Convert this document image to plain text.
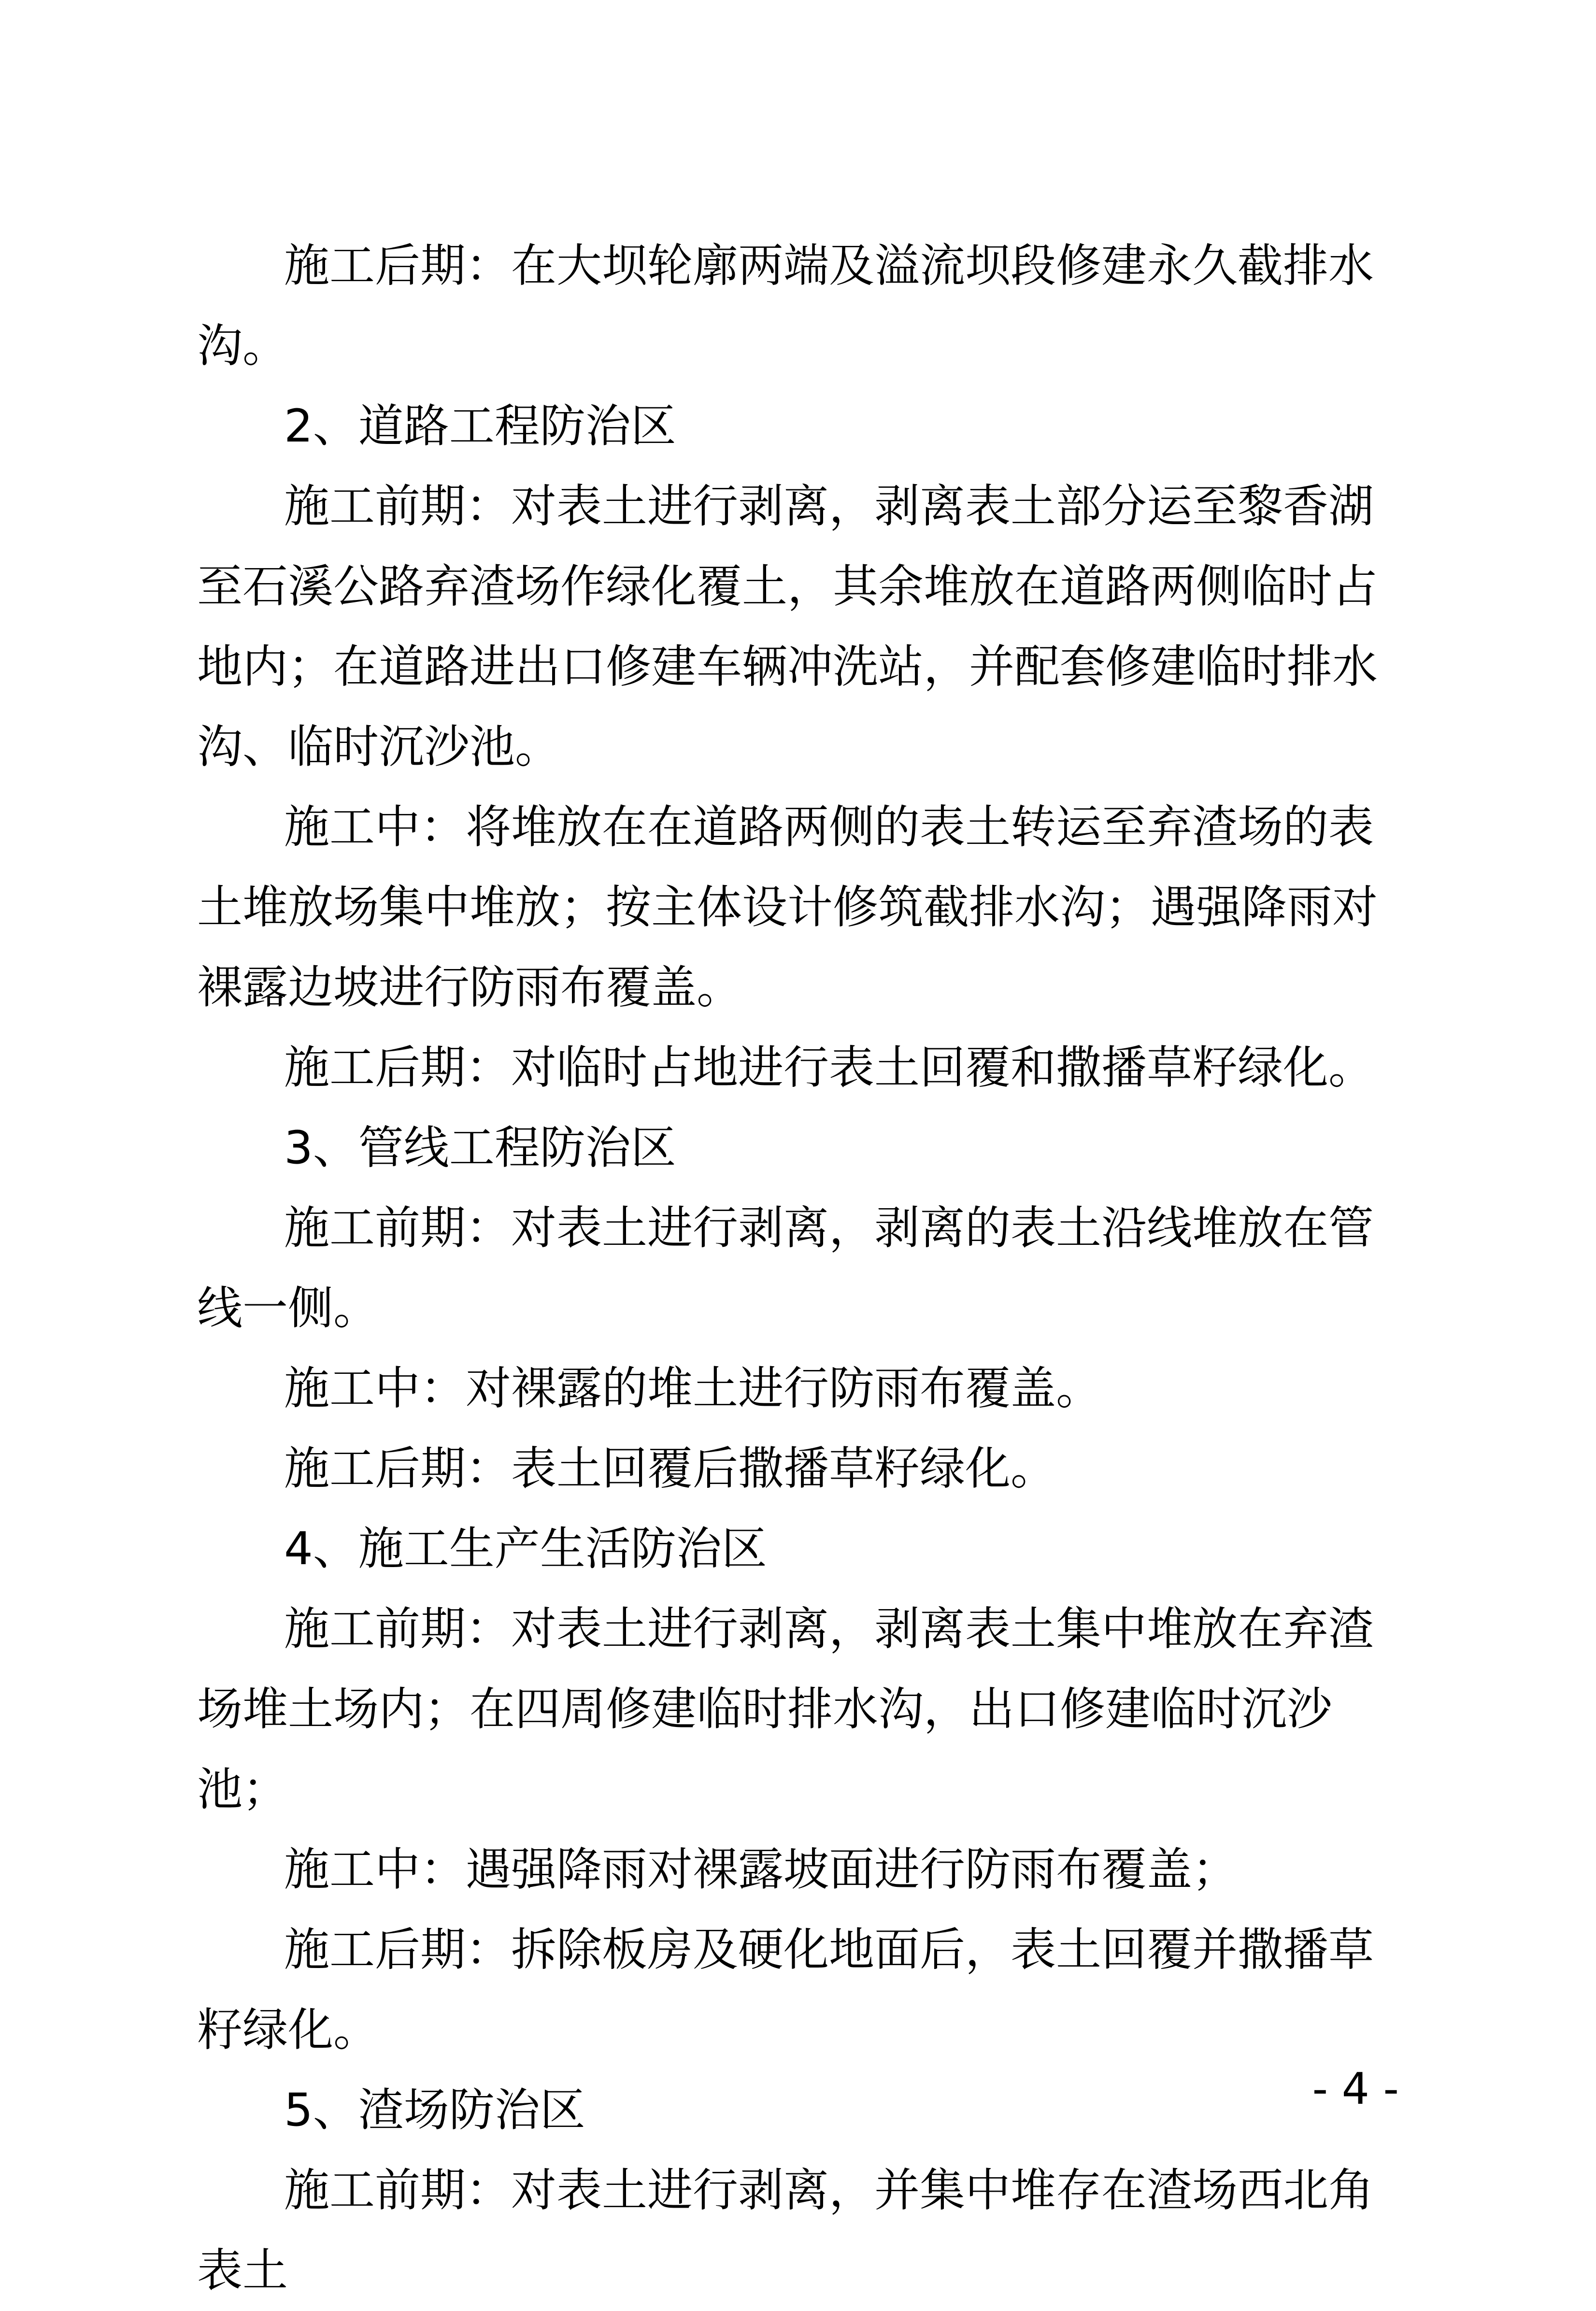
施工后期：在大坝轮廓两端及溢流坝段修建永久截排水沟。

2、道路工程防治区

施工前期：对表土进行剥离，剥离表土部分运至黎香湖至石溪公路弃渣场作绿化覆土，其余堆放在道路两侧临时占地内；在道路进出口修建车辆冲洗站，并配套修建临时排水沟、临时沉沙池。

施工中：将堆放在在道路两侧的表土转运至弃渣场的表土堆放场集中堆放；按主体设计修筑截排水沟；遇强降雨对裸露边坡进行防雨布覆盖。

施工后期：对临时占地进行表土回覆和撒播草籽绿化。

3、管线工程防治区

施工前期：对表土进行剥离，剥离的表土沿线堆放在管线一侧。

施工中：对裸露的堆土进行防雨布覆盖。

施工后期：表土回覆后撒播草籽绿化。

4、施工生产生活防治区

施工前期：对表土进行剥离，剥离表土集中堆放在弃渣场堆土场内；在四周修建临时排水沟，出口修建临时沉沙池；

施工中：遇强降雨对裸露坡面进行防雨布覆盖；

施工后期：拆除板房及硬化地面后，表土回覆并撒播草籽绿化。

5、渣场防治区

施工前期：对表土进行剥离，并集中堆存在渣场西北角表土

- 4 -
